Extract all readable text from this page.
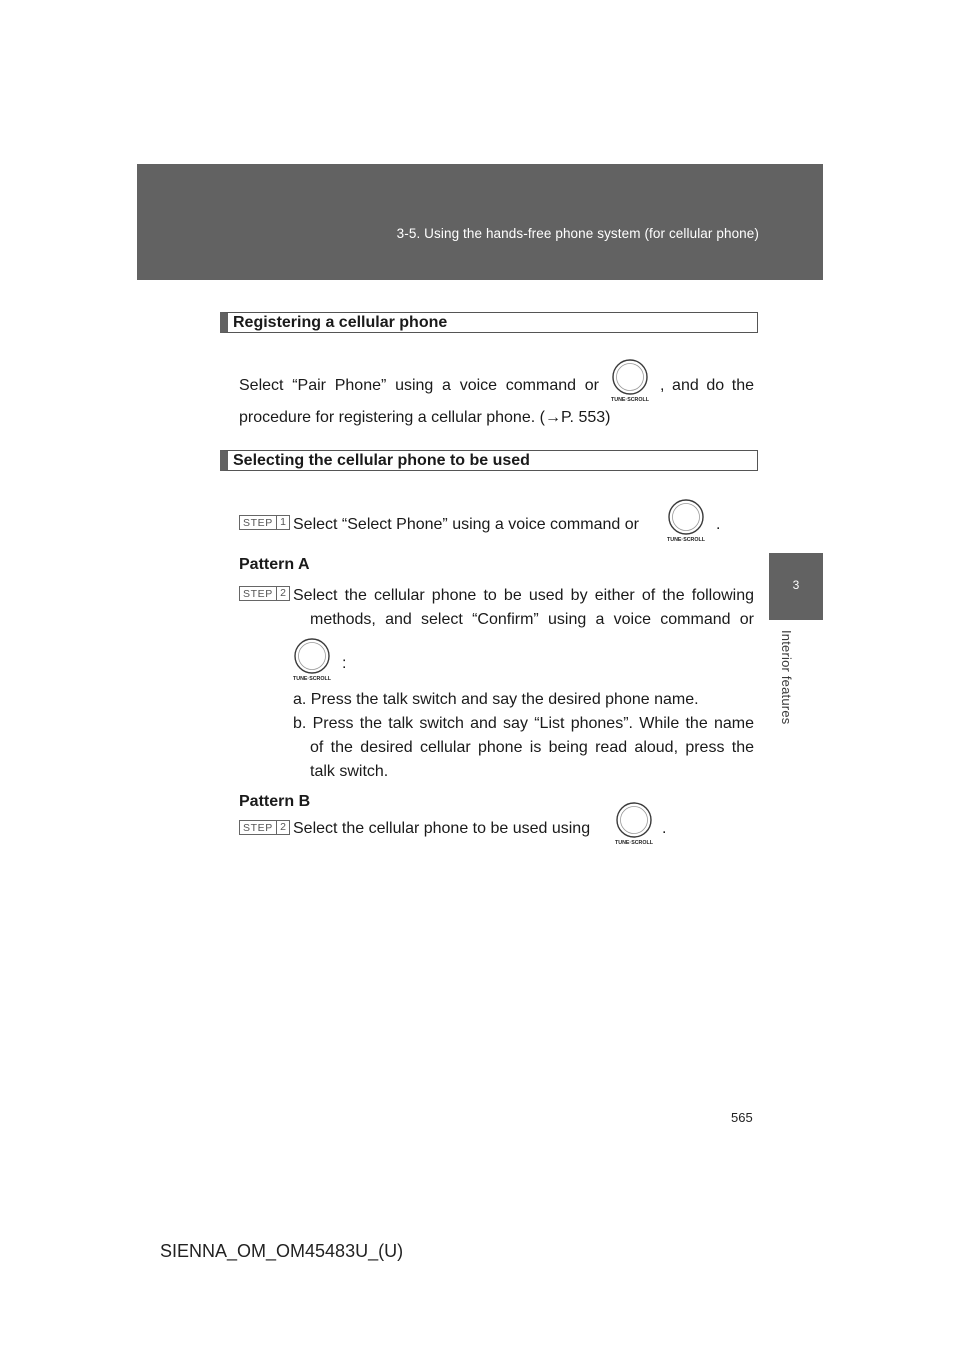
3-5. Using the hands-free phone system (for cellular phone)
3
Interior features
Registering a cellular phone
Select “Pair Phone” using a voice command or	, and do the
procedure for registering a cellular phone. (→P. 553)
Selecting the cellular phone to be used
STEP 1 Select “Select Phone” using a voice command or	.
Pattern A
STEP 2 Select the cellular phone to be used by either of the following
methods, and select “Confirm” using a voice command or
:
a. Press the talk switch and say the desired phone name.
b. Press the talk switch and say “List phones”. While the name
of the desired cellular phone is being read aloud, press the
talk switch.
Pattern B
STEP 2 Select the cellular phone to be used using	.
565
SIENNA_OM_OM45483U_(U)
